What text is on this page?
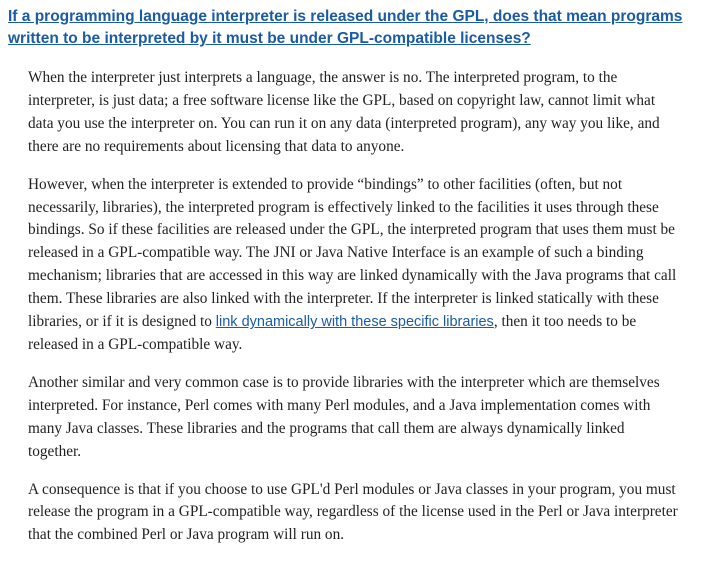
If a programming language interpreter is released under the GPL, does that mean programs written to be interpreted by it must be under GPL-compatible licenses?

When the interpreter just interprets a language, the answer is no. The interpreted program, to the interpreter, is just data; a free software license like the GPL, based on copyright law, cannot limit what data you use the interpreter on. You can run it on any data (interpreted program), any way you like, and there are no requirements about licensing that data to anyone.

However, when the interpreter is extended to provide “bindings” to other facilities (often, but not necessarily, libraries), the interpreted program is effectively linked to the facilities it uses through these bindings. So if these facilities are released under the GPL, the interpreted program that uses them must be released in a GPL-compatible way. The JNI or Java Native Interface is an example of such a binding mechanism; libraries that are accessed in this way are linked dynamically with the Java programs that call them. These libraries are also linked with the interpreter. If the interpreter is linked statically with these libraries, or if it is designed to link dynamically with these specific libraries, then it too needs to be released in a GPL-compatible way.

Another similar and very common case is to provide libraries with the interpreter which are themselves interpreted. For instance, Perl comes with many Perl modules, and a Java implementation comes with many Java classes. These libraries and the programs that call them are always dynamically linked together.

A consequence is that if you choose to use GPL'd Perl modules or Java classes in your program, you must release the program in a GPL-compatible way, regardless of the license used in the Perl or Java interpreter that the combined Perl or Java program will run on.
